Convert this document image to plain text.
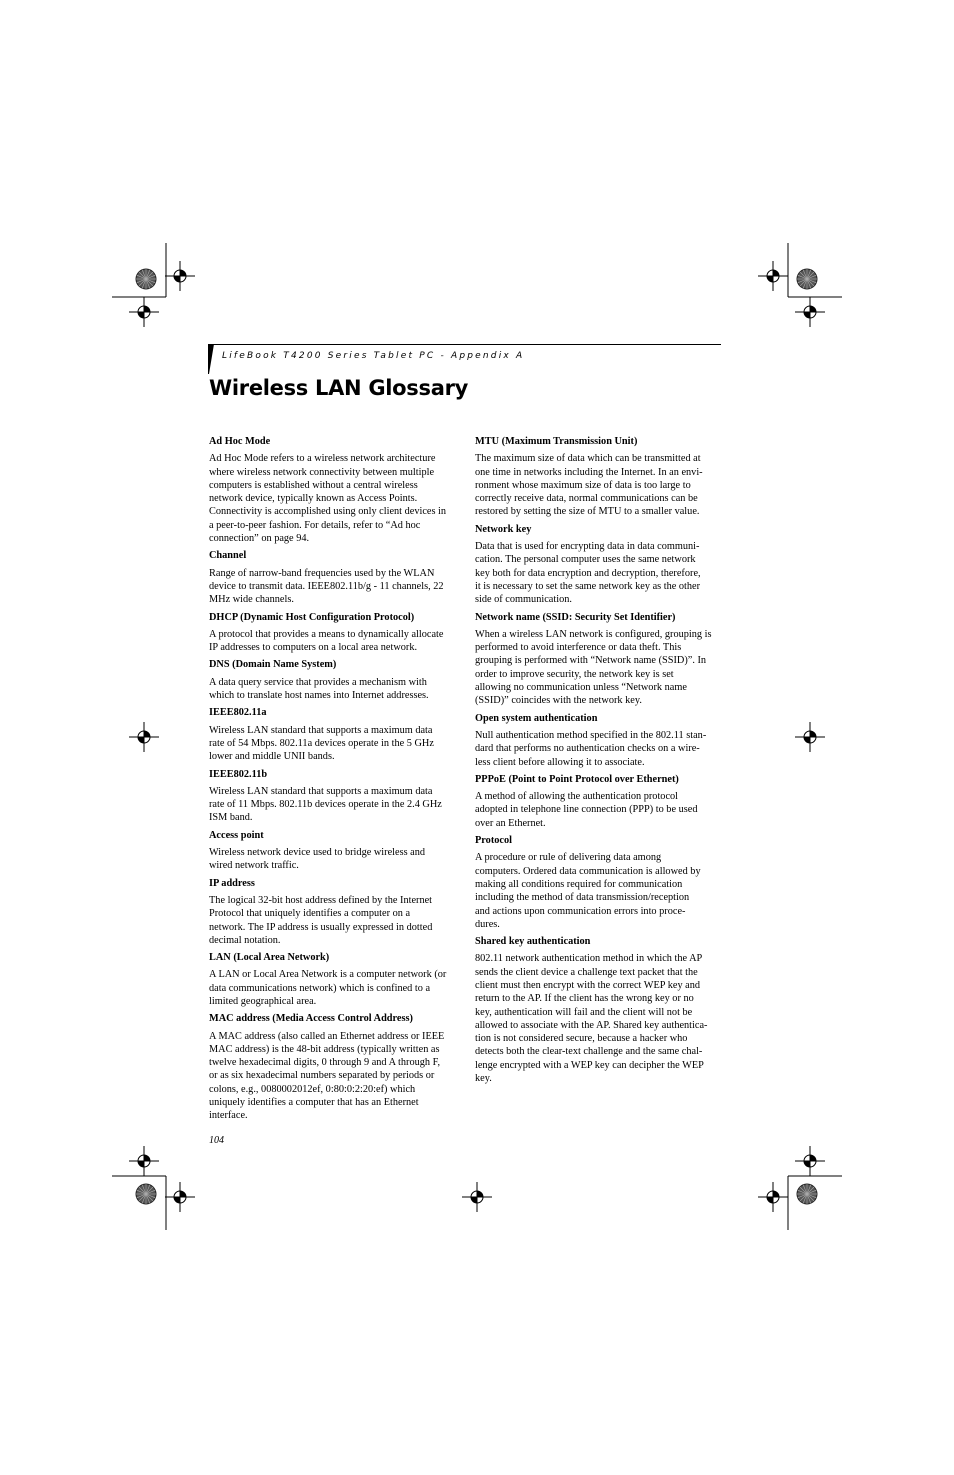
LifeBook T4200 Series Tablet PC - Appendix A
Wireless LAN Glossary
Ad Hoc Mode
Ad Hoc Mode refers to a wireless network architecture
where wireless network connectivity between multiple
computers is established without a central wireless
network device, typically known as Access Points.
Connectivity is accomplished using only client devices in
a peer-to-peer fashion. For details, refer to “Ad hoc
connection” on page 94.
Channel
Range of narrow-band frequencies used by the WLAN
device to transmit data. IEEE802.11b/g - 11 channels, 22
MHz wide channels.
DHCP (Dynamic Host Configuration Protocol)
A protocol that provides a means to dynamically allocate
IP addresses to computers on a local area network.
DNS (Domain Name System)
A data query service that provides a mechanism with
which to translate host names into Internet addresses.
IEEE802.11a
Wireless LAN standard that supports a maximum data
rate of 54 Mbps. 802.11a devices operate in the 5 GHz
lower and middle UNII bands.
IEEE802.11b
Wireless LAN standard that supports a maximum data
rate of 11 Mbps. 802.11b devices operate in the 2.4 GHz
ISM band.
Access point
Wireless network device used to bridge wireless and
wired network traffic.
IP address
The logical 32-bit host address defined by the Internet
Protocol that uniquely identifies a computer on a
network. The IP address is usually expressed in dotted
decimal notation.
LAN (Local Area Network)
A LAN or Local Area Network is a computer network (or
data communications network) which is confined to a
limited geographical area.
MAC address (Media Access Control Address)
A MAC address (also called an Ethernet address or IEEE
MAC address) is the 48-bit address (typically written as
twelve hexadecimal digits, 0 through 9 and A through F,
or as six hexadecimal numbers separated by periods or
colons, e.g., 0080002012ef, 0:80:0:2:20:ef) which
uniquely identifies a computer that has an Ethernet
interface.
MTU (Maximum Transmission Unit)
The maximum size of data which can be transmitted at
one time in networks including the Internet. In an envi-
ronment whose maximum size of data is too large to
correctly receive data, normal communications can be
restored by setting the size of MTU to a smaller value.
Network key
Data that is used for encrypting data in data communi-
cation. The personal computer uses the same network
key both for data encryption and decryption, therefore,
it is necessary to set the same network key as the other
side of communication.
Network name (SSID: Security Set Identifier)
When a wireless LAN network is configured, grouping is
performed to avoid interference or data theft. This
grouping is performed with “Network name (SSID)”. In
order to improve security, the network key is set
allowing no communication unless “Network name
(SSID)” coincides with the network key.
Open system authentication
Null authentication method specified in the 802.11 stan-
dard that performs no authentication checks on a wire-
less client before allowing it to associate.
PPPoE (Point to Point Protocol over Ethernet)
A method of allowing the authentication protocol
adopted in telephone line connection (PPP) to be used
over an Ethernet.
Protocol
A procedure or rule of delivering data among
computers. Ordered data communication is allowed by
making all conditions required for communication
including the method of data transmission/reception
and actions upon communication errors into proce-
dures.
Shared key authentication
802.11 network authentication method in which the AP
sends the client device a challenge text packet that the
client must then encrypt with the correct WEP key and
return to the AP. If the client has the wrong key or no
key, authentication will fail and the client will not be
allowed to associate with the AP. Shared key authentica-
tion is not considered secure, because a hacker who
detects both the clear-text challenge and the same chal-
lenge encrypted with a WEP key can decipher the WEP
key.
104
